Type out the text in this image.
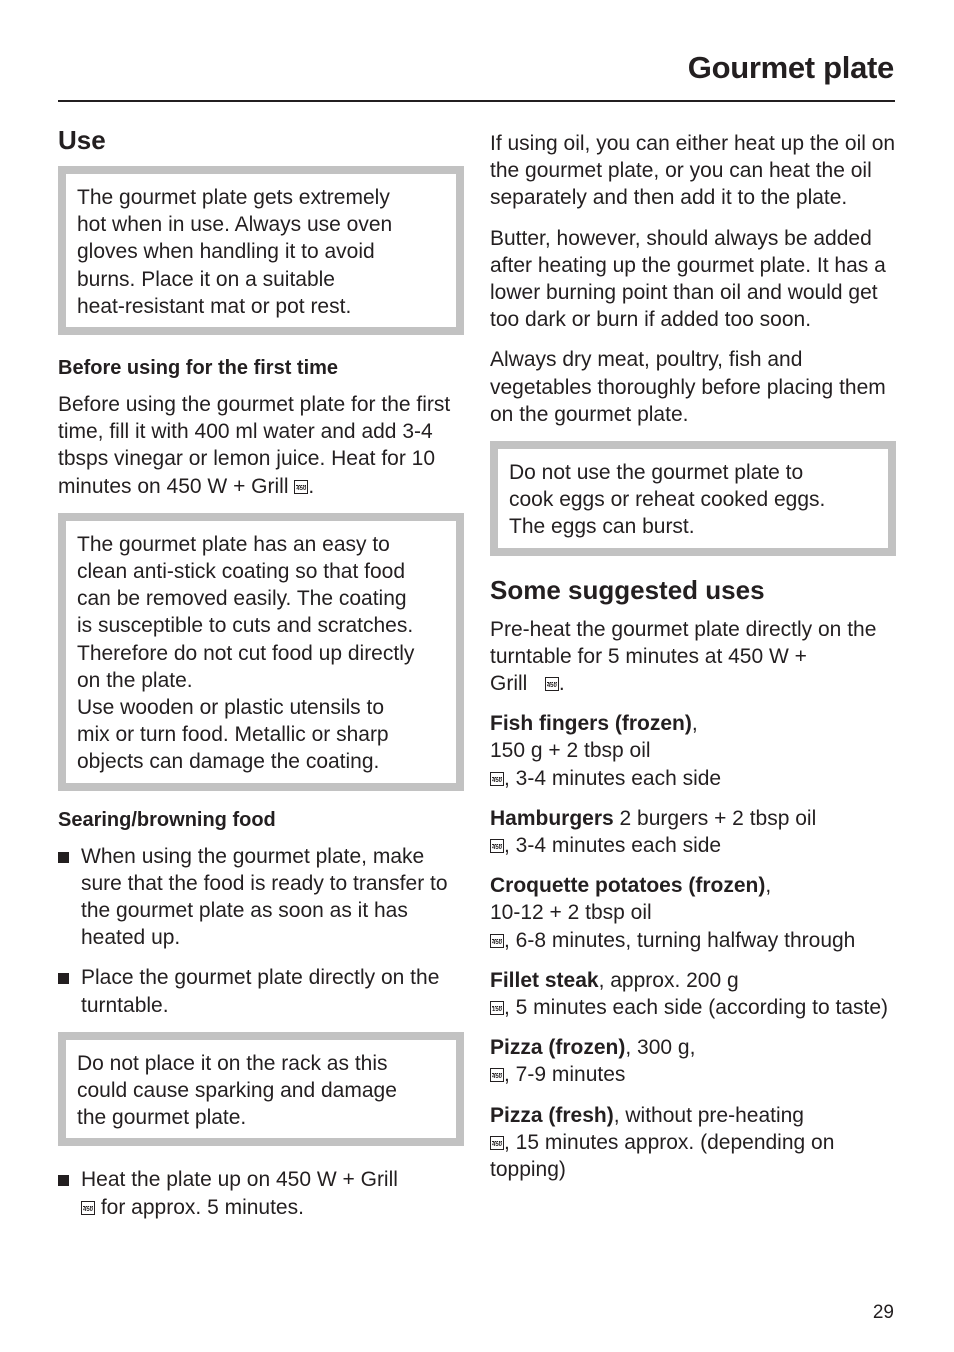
Gourmet plate
Use
The gourmet plate gets extremely
hot when in use. Always use oven
gloves when handling it to avoid
burns. Place it on a suitable
heat-resistant mat or pot rest.
Before using for the first time

Before using the gourmet plate for the first time, fill it with 400 ml water and add 3-4 tbsps vinegar or lemon juice. Heat for 10 minutes on 450 W + Grill 450 .

The gourmet plate has an easy to
clean anti-stick coating so that food
can be removed easily. The coating
is susceptible to cuts and scratches.
Therefore do not cut food up directly
on the plate.
Use wooden or plastic utensils to
mix or turn food. Metallic or sharp
objects can damage the coating.
Searing/browning food
When using the gourmet plate, make sure that the food is ready to transfer to the gourmet plate as soon as it has heated up.
Place the gourmet plate directly on the turntable.
Do not place it on the rack as this
could cause sparking and damage
the gourmet plate.
Heat the plate up on 450 W + Grill

450 for approx. 5 minutes.

If using oil, you can either heat up the oil on the gourmet plate, or you can heat the oil separately and then add it to the plate.

Butter, however, should always be added after heating up the gourmet plate. It has a lower burning point than oil and would get too dark or burn if added too soon.

Always dry meat, poultry, fish and vegetables thoroughly before placing them on the gourmet plate.

Do not use the gourmet plate to
cook eggs or reheat cooked eggs.
The eggs can burst.
Some suggested uses

Pre-heat the gourmet plate directly on the turntable for 5 minutes at 450 W +
Grill	450 .

Fish fingers (frozen),
150 g + 2 tbsp oil
450 , 3-4 minutes each side
Hamburgers 2 burgers + 2 tbsp oil
450 , 3-4 minutes each side
Croquette potatoes (frozen),
10-12 + 2 tbsp oil
450 , 6-8 minutes, turning halfway through
Fillet steak, approx. 200 g
150 , 5 minutes each side (according to taste)
Pizza (frozen), 300 g,
450 , 7-9 minutes
Pizza (fresh), without pre-heating
450 , 15 minutes approx. (depending on topping)
29
